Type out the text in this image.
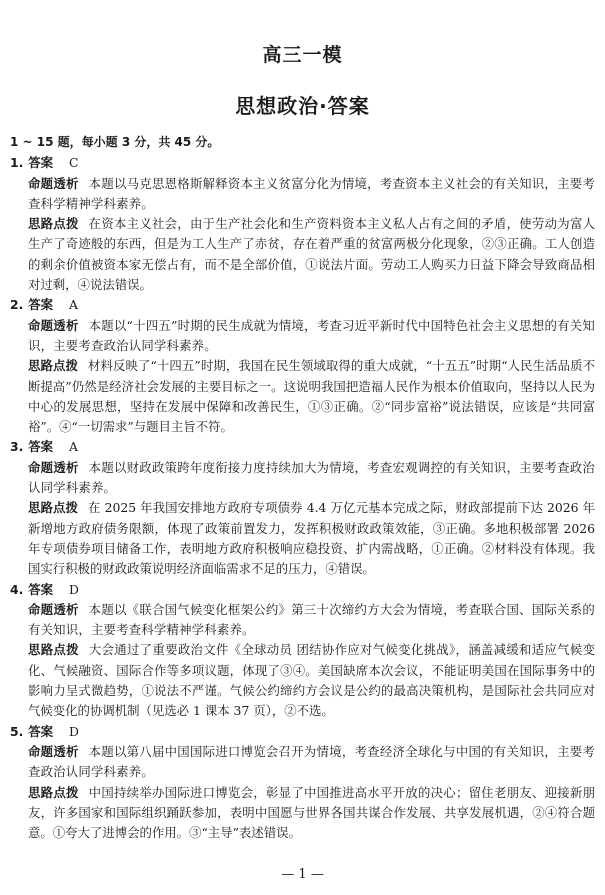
高三一模
思想政治·答案

1 ~ 15 题，每小题 3 分，共 45 分。

1. 答案 C

命题透析 本题以马克思恩格斯解释资本主义贫富分化为情境，考查资本主义社会的有关知识，主要考查科学精神学科素养。

思路点拨 在资本主义社会，由于生产社会化和生产资料资本主义私人占有之间的矛盾，使劳动为富人生产了奇迹般的东西，但是为工人生产了赤贫，存在着严重的贫富两极分化现象，②③正确。工人创造的剩余价值被资本家无偿占有，而不是全部价值，①说法片面。劳动工人购买力日益下降会导致商品相对过剩，④说法错误。

2. 答案 A

命题透析 本题以“十四五”时期的民生成就为情境，考查习近平新时代中国特色社会主义思想的有关知识，主要考查政治认同学科素养。

思路点拨 材料反映了“十四五”时期，我国在民生领域取得的重大成就，“十五五”时期“人民生活品质不断提高”仍然是经济社会发展的主要目标之一。这说明我国把造福人民作为根本价值取向，坚持以人民为中心的发展思想，坚持在发展中保障和改善民生，①③正确。②“同步富裕”说法错误，应该是“共同富裕”。④“一切需求”与题目主旨不符。

3. 答案 A

命题透析 本题以财政政策跨年度衔接力度持续加大为情境，考查宏观调控的有关知识，主要考查政治认同学科素养。

思路点拨 在 2025 年我国安排地方政府专项债券 4.4 万亿元基本完成之际，财政部提前下达 2026 年新增地方政府债务限额，体现了政策前置发力，发挥积极财政政策效能，③正确。多地积极部署 2026 年专项债券项目储备工作，表明地方政府积极响应稳投资、扩内需战略，①正确。②材料没有体现。我国实行积极的财政政策说明经济面临需求不足的压力，④错误。

4. 答案 D

命题透析 本题以《联合国气候变化框架公约》第三十次缔约方大会为情境，考查联合国、国际关系的有关知识，主要考查科学精神学科素养。

思路点拨 大会通过了重要政治文件《全球动员 团结协作应对气候变化挑战》，涵盖减缓和适应气候变化、气候融资、国际合作等多项议题，体现了③④。美国缺席本次会议，不能证明美国在国际事务中的影响力呈式微趋势，①说法不严谨。气候公约缔约方会议是公约的最高决策机构，是国际社会共同应对气候变化的协调机制（见选必 1 课本 37 页），②不选。

5. 答案 D

命题透析 本题以第八届中国国际进口博览会召开为情境，考查经济全球化与中国的有关知识，主要考查政治认同学科素养。

思路点拨 中国持续举办国际进口博览会，彰显了中国推进高水平开放的决心；留住老朋友、迎接新朋友，许多国家和国际组织踊跃参加，表明中国愿与世界各国共谋合作发展、共享发展机遇，②④符合题意。①夸大了进博会的作用。③“主导”表述错误。

— 1 —
